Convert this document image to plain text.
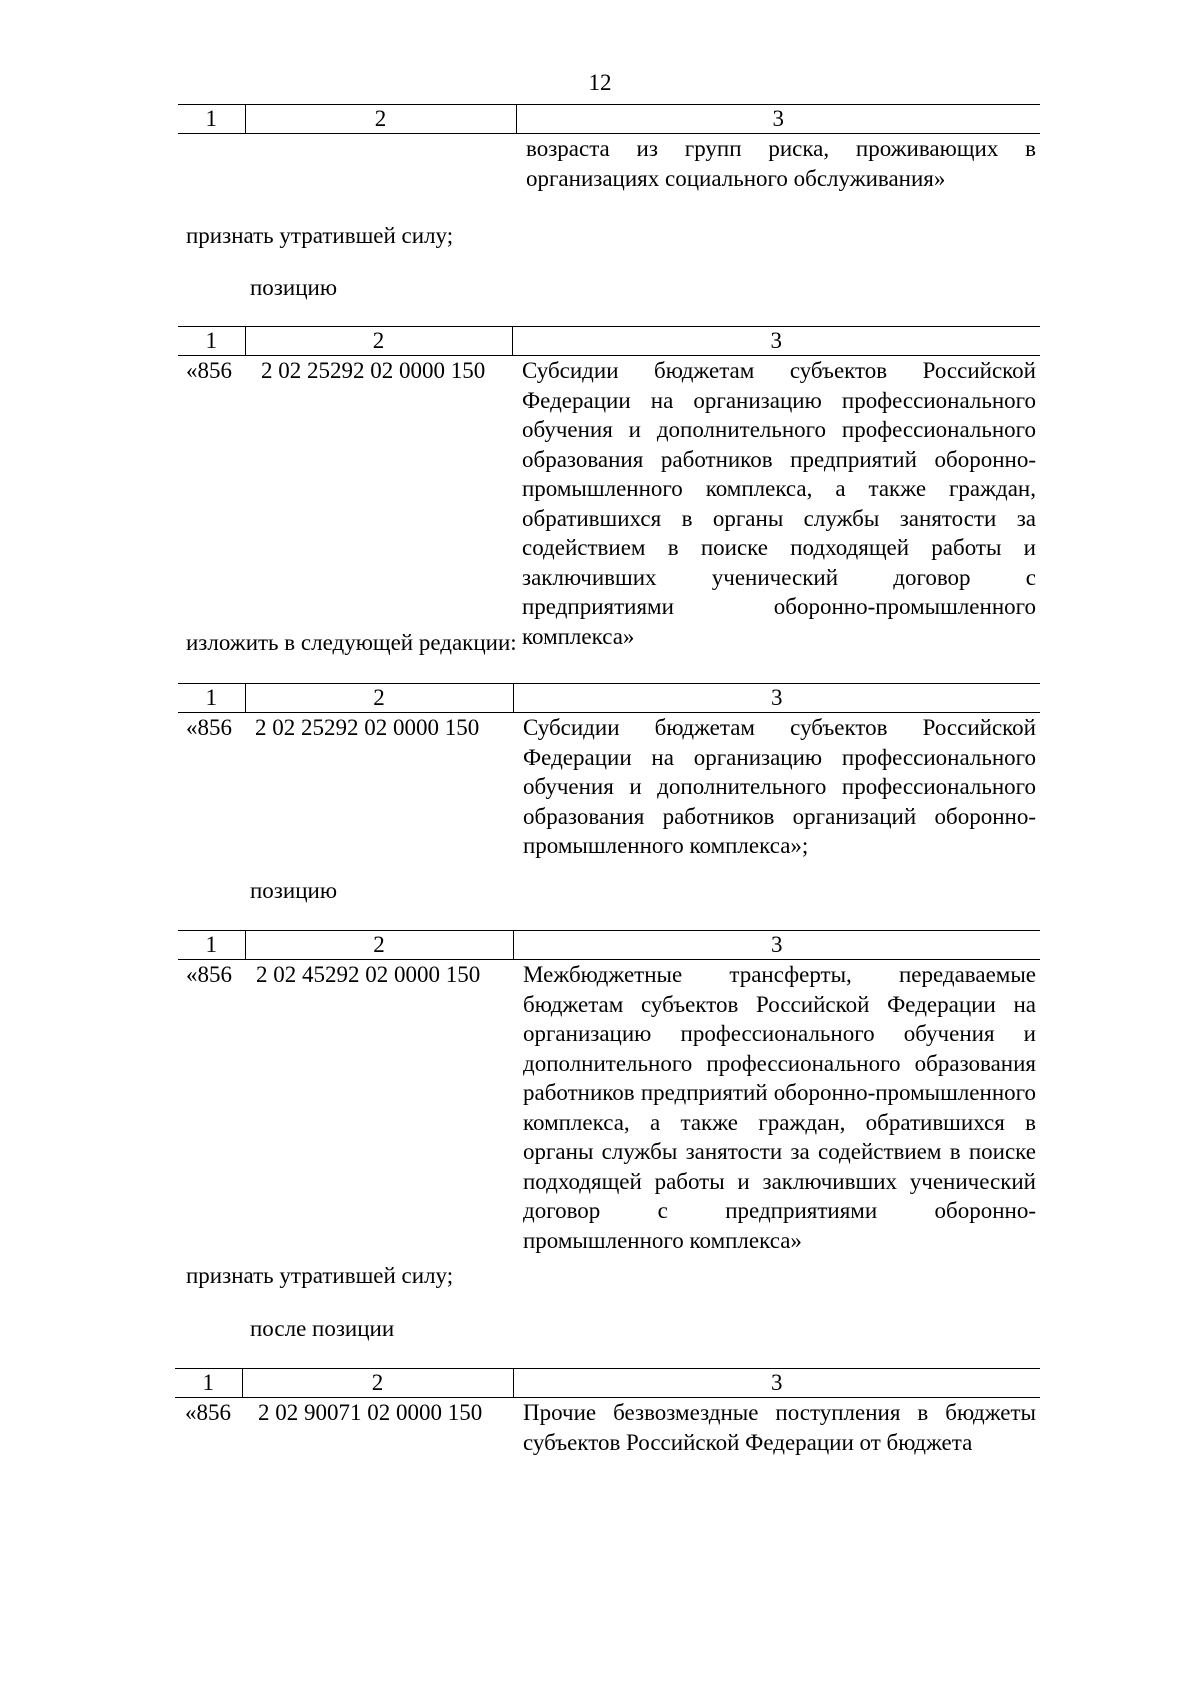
12
1	2	3
		возраста из групп риска, проживающих в организациях социального обслуживания»
признать утратившей силу;
позицию
1	2	3
«856	2 02 25292 02 0000 150	Субсидии бюджетам субъектов Российской Федерации на организацию профессионального обучения и дополнительного профессионального образования работников предприятий оборонно-промышленного комплекса, а также граждан, обратившихся в органы службы занятости за содействием в поиске подходящей работы и заключивших ученический договор с предприятиями оборонно-промышленного комплекса»
изложить в следующей редакции:
1	2	3
«856	2 02 25292 02 0000 150	Субсидии бюджетам субъектов Российской Федерации на организацию профессионального обучения и дополнительного профессионального образования работников организаций оборонно-промышленного комплекса»;
позицию
1	2	3
«856	2 02 45292 02 0000 150	Межбюджетные трансферты, передаваемые бюджетам субъектов Российской Федерации на организацию профессионального обучения и дополнительного профессионального образования работников предприятий оборонно-промышленного комплекса, а также граждан, обратившихся в органы службы занятости за содействием в поиске подходящей работы и заключивших ученический договор с предприятиями оборонно-промышленного комплекса»
признать утратившей силу;
после позиции
1	2	3
«856	2 02 90071 02 0000 150	Прочие безвозмездные поступления в бюджеты субъектов Российской Федерации от бюджета
